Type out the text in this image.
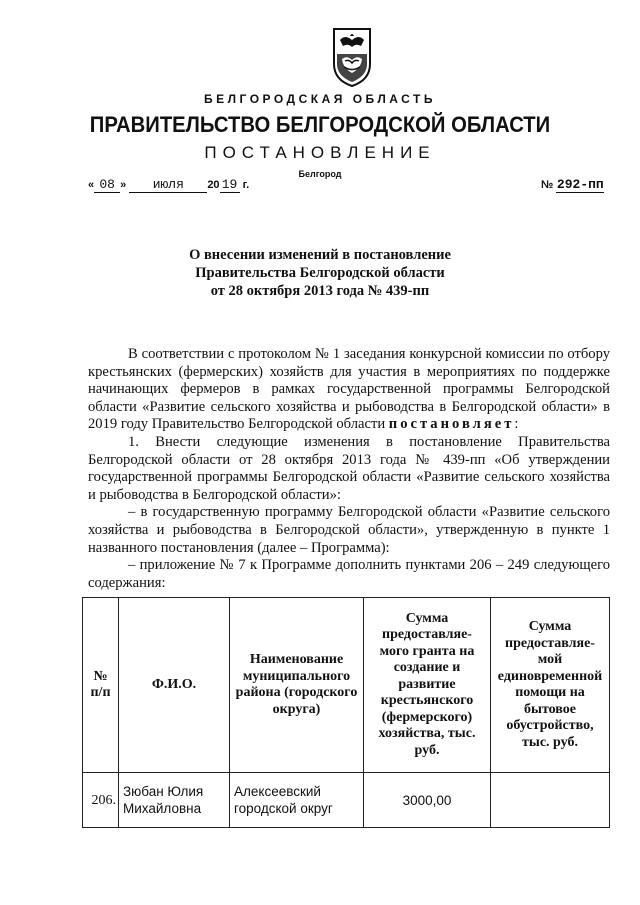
БЕЛГОРОДСКАЯ ОБЛАСТЬ
ПРАВИТЕЛЬСТВО БЕЛГОРОДСКОЙ ОБЛАСТИ
ПОСТАНОВЛЕНИЕ
Белгород
« 08 » июля 20 19 г.	№ 292-пп
О внесении изменений в постановление
Правительства Белгородской области
от 28 октября 2013 года № 439-пп

В соответствии с протоколом № 1 заседания конкурсной комиссии по отбору крестьянских (фермерских) хозяйств для участия в мероприятиях по поддержке начинающих фермеров в рамках государственной программы Белгородской области «Развитие сельского хозяйства и рыбоводства в Белгородской области» в 2019 году Правительство Белгородской области постановляет:

1. Внести следующие изменения в постановление Правительства Белгородской области от 28 октября 2013 года № 439-пп «Об утверждении государственной программы Белгородской области «Развитие сельского хозяйства и рыбоводства в Белгородской области»:

– в государственную программу Белгородской области «Развитие сельского хозяйства и рыбоводства в Белгородской области», утвержденную в пункте 1 названного постановления (далее – Программа):

– приложение № 7 к Программе дополнить пунктами 206 – 249 следующего содержания:

№ п/п	Ф.И.О.	Наименование муниципального района (городского округа)	Сумма предоставляе-мого гранта на создание и развитие крестьянского (фермерского) хозяйства, тыс. руб.	Сумма предоставляе-мой единовременной помощи на бытовое обустройство, тыс. руб.
206.	Зюбан Юлия Михайловна	Алексеевский городской округ	3000,00	
